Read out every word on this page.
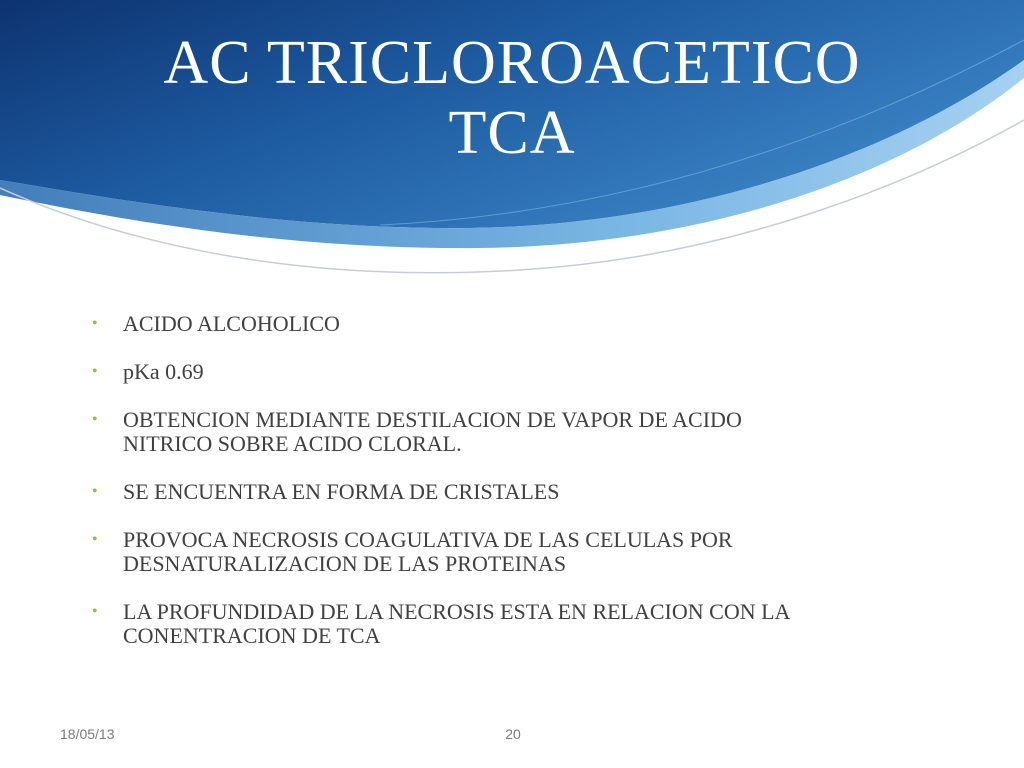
AC TRICLOROACETICO
TCA
• ACIDO ALCOHOLICO
• pKa 0.69
• OBTENCION MEDIANTE DESTILACION DE VAPOR DE ACIDO
NITRICO SOBRE ACIDO CLORAL.
• SE ENCUENTRA EN FORMA DE CRISTALES
• PROVOCA NECROSIS COAGULATIVA DE LAS CELULAS POR
DESNATURALIZACION DE LAS PROTEINAS
• LA PROFUNDIDAD DE LA NECROSIS ESTA EN RELACION CON LA
CONENTRACION DE TCA
18/05/13	20
